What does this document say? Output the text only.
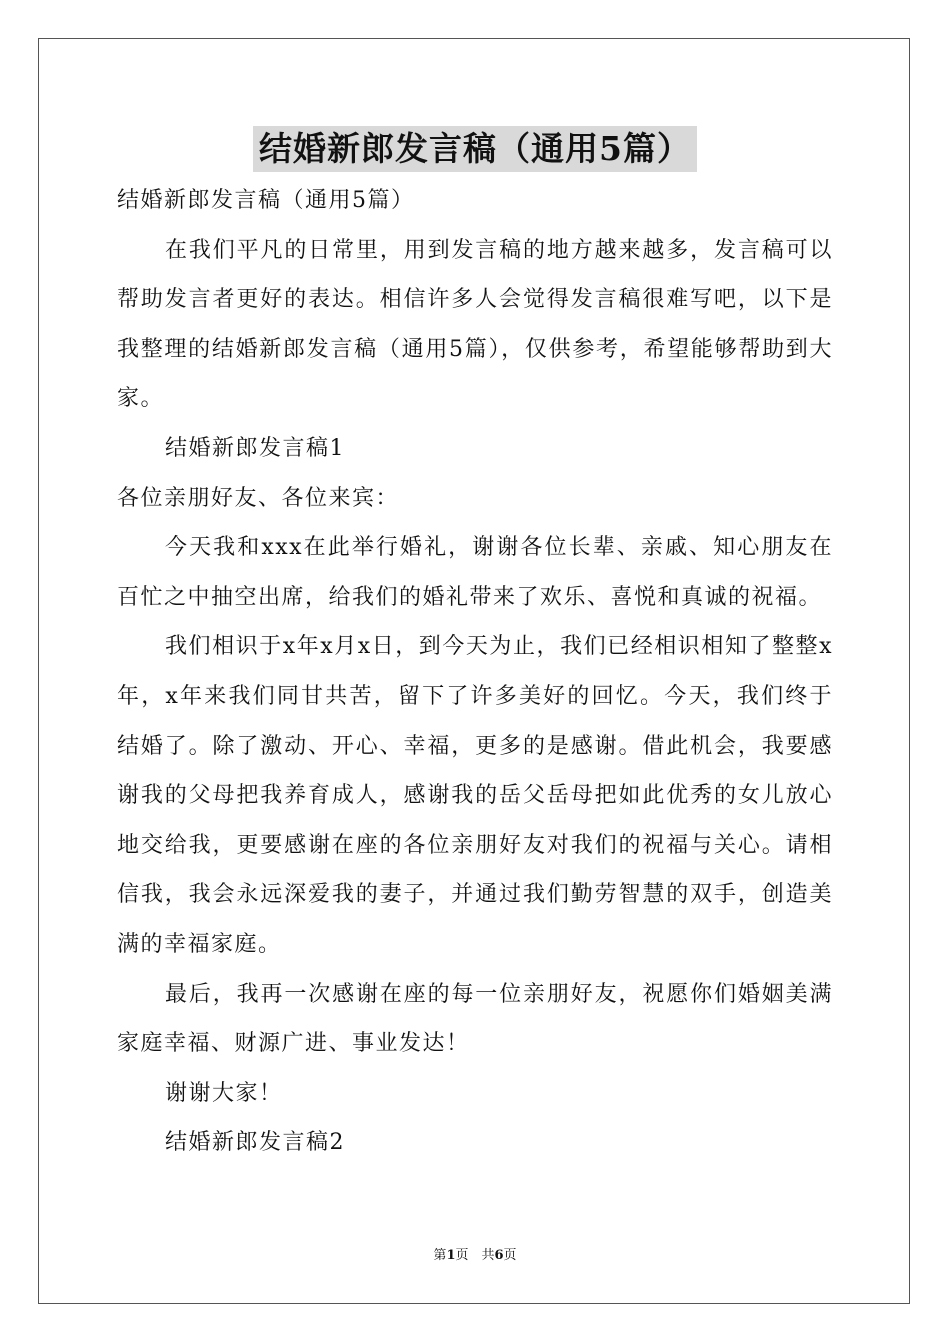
结婚新郎发言稿（通用5篇）

结婚新郎发言稿（通用5篇）

在我们平凡的日常里，用到发言稿的地方越来越多，发言稿可以帮助发言者更好的表达。相信许多人会觉得发言稿很难写吧，以下是我整理的结婚新郎发言稿（通用5篇），仅供参考，希望能够帮助到大家。

结婚新郎发言稿1

各位亲朋好友、各位来宾：

今天我和xxx在此举行婚礼，谢谢各位长辈、亲戚、知心朋友在百忙之中抽空出席，给我们的婚礼带来了欢乐、喜悦和真诚的祝福。

我们相识于x年x月x日，到今天为止，我们已经相识相知了整整x年，x年来我们同甘共苦，留下了许多美好的回忆。今天，我们终于结婚了。除了激动、开心、幸福，更多的是感谢。借此机会，我要感谢我的父母把我养育成人，感谢我的岳父岳母把如此优秀的女儿放心地交给我，更要感谢在座的各位亲朋好友对我们的祝福与关心。请相信我，我会永远深爱我的妻子，并通过我们勤劳智慧的双手，创造美满的幸福家庭。

最后，我再一次感谢在座的每一位亲朋好友，祝愿你们婚姻美满家庭幸福、财源广进、事业发达！

谢谢大家！

结婚新郎发言稿2

第1页　共6页
